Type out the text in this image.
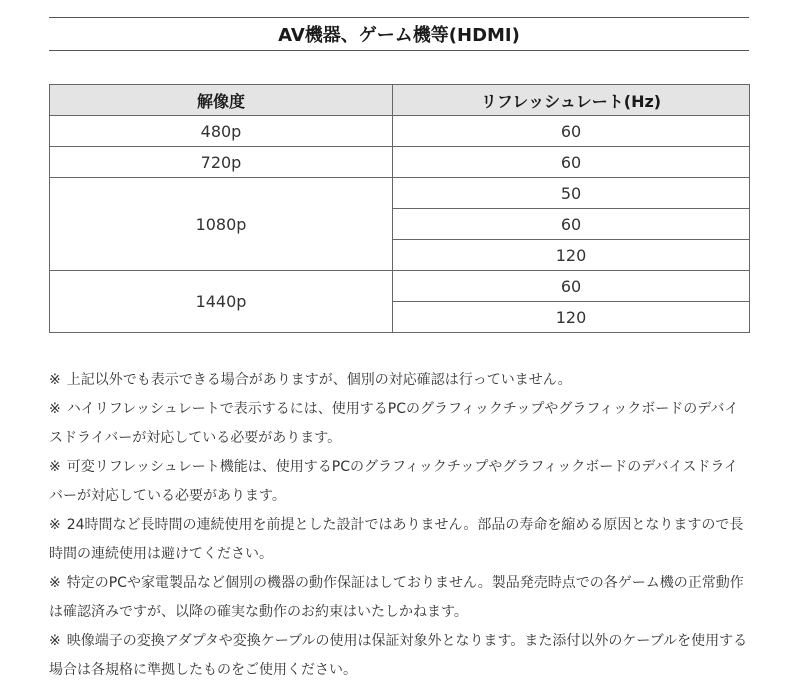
AV機器、ゲーム機等(HDMI)
解像度	リフレッシュレート(Hz)
480p	60
720p	60
1080p	50
	60
	120
1440p	60
	120

※ 上記以外でも表示できる場合がありますが、個別の対応確認は行っていません。

※ ハイリフレッシュレートで表示するには、使用するPCのグラフィックチップやグラフィックボードのデバイスドライバーが対応している必要があります。

※ 可変リフレッシュレート機能は、使用するPCのグラフィックチップやグラフィックボードのデバイスドライバーが対応している必要があります。

※ 24時間など長時間の連続使用を前提とした設計ではありません。部品の寿命を縮める原因となりますので長時間の連続使用は避けてください。

※ 特定のPCや家電製品など個別の機器の動作保証はしておりません。製品発売時点での各ゲーム機の正常動作は確認済みですが、以降の確実な動作のお約束はいたしかねます。

※ 映像端子の変換アダプタや変換ケーブルの使用は保証対象外となります。また添付以外のケーブルを使用する場合は各規格に準拠したものをご使用ください。
